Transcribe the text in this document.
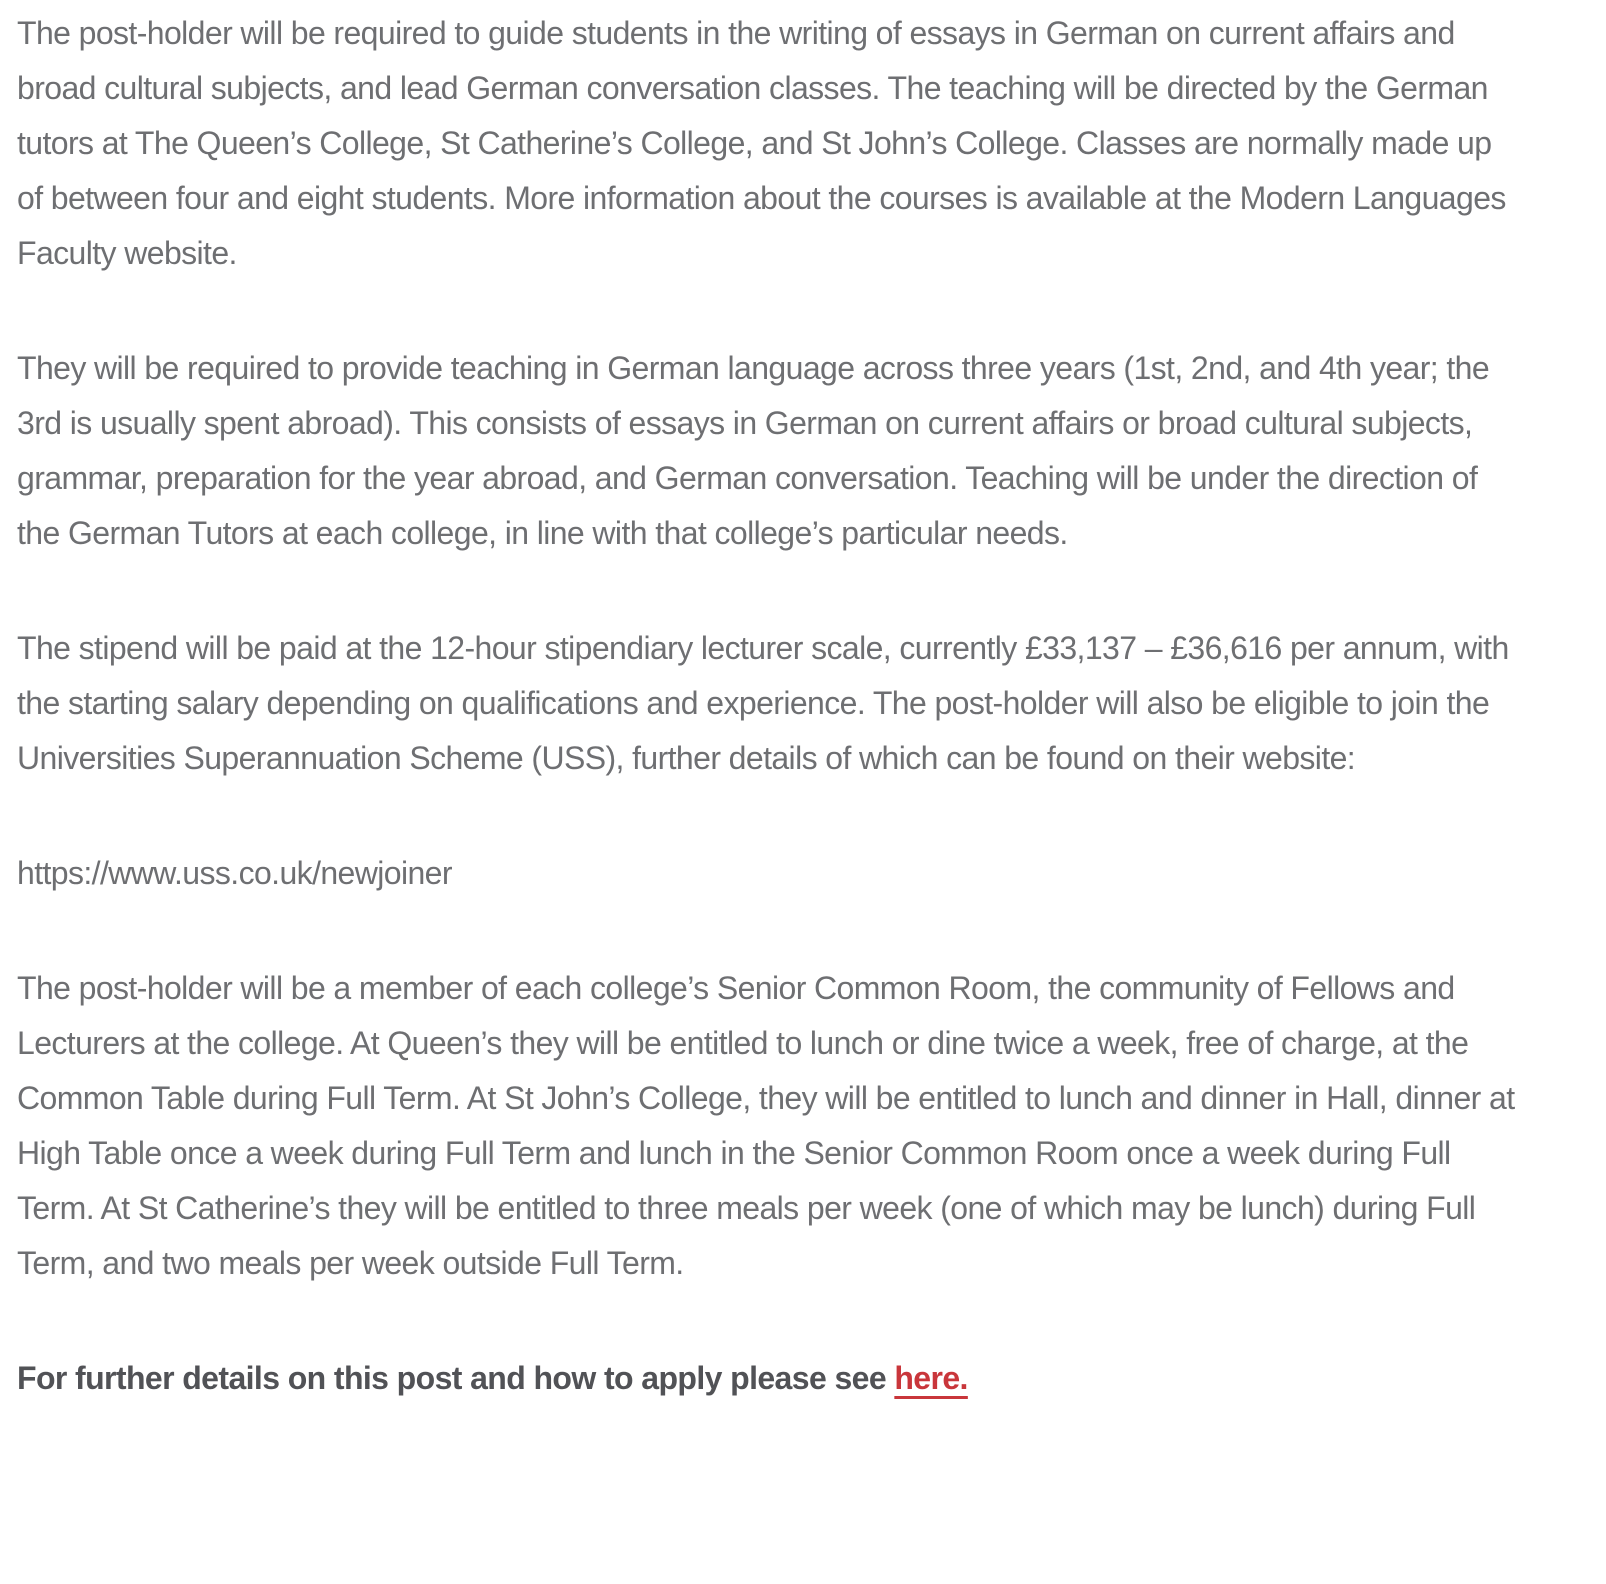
The post-holder will be required to guide students in the writing of essays in German on current affairs and broad cultural subjects, and lead German conversation classes. The teaching will be directed by the German tutors at The Queen’s College, St Catherine’s College, and St John’s College. Classes are normally made up of between four and eight students. More information about the courses is available at the Modern Languages Faculty website.

They will be required to provide teaching in German language across three years (1st, 2nd, and 4th year; the 3rd is usually spent abroad). This consists of essays in German on current affairs or broad cultural subjects, grammar, preparation for the year abroad, and German conversation. Teaching will be under the direction of the German Tutors at each college, in line with that college’s particular needs.

The stipend will be paid at the 12-hour stipendiary lecturer scale, currently £33,137 – £36,616 per annum, with the starting salary depending on qualifications and experience. The post-holder will also be eligible to join the Universities Superannuation Scheme (USS), further details of which can be found on their website:

https://www.uss.co.uk/newjoiner

The post-holder will be a member of each college’s Senior Common Room, the community of Fellows and Lecturers at the college. At Queen’s they will be entitled to lunch or dine twice a week, free of charge, at the Common Table during Full Term. At St John’s College, they will be entitled to lunch and dinner in Hall, dinner at High Table once a week during Full Term and lunch in the Senior Common Room once a week during Full Term. At St Catherine’s they will be entitled to three meals per week (one of which may be lunch) during Full Term, and two meals per week outside Full Term.

For further details on this post and how to apply please see here.
